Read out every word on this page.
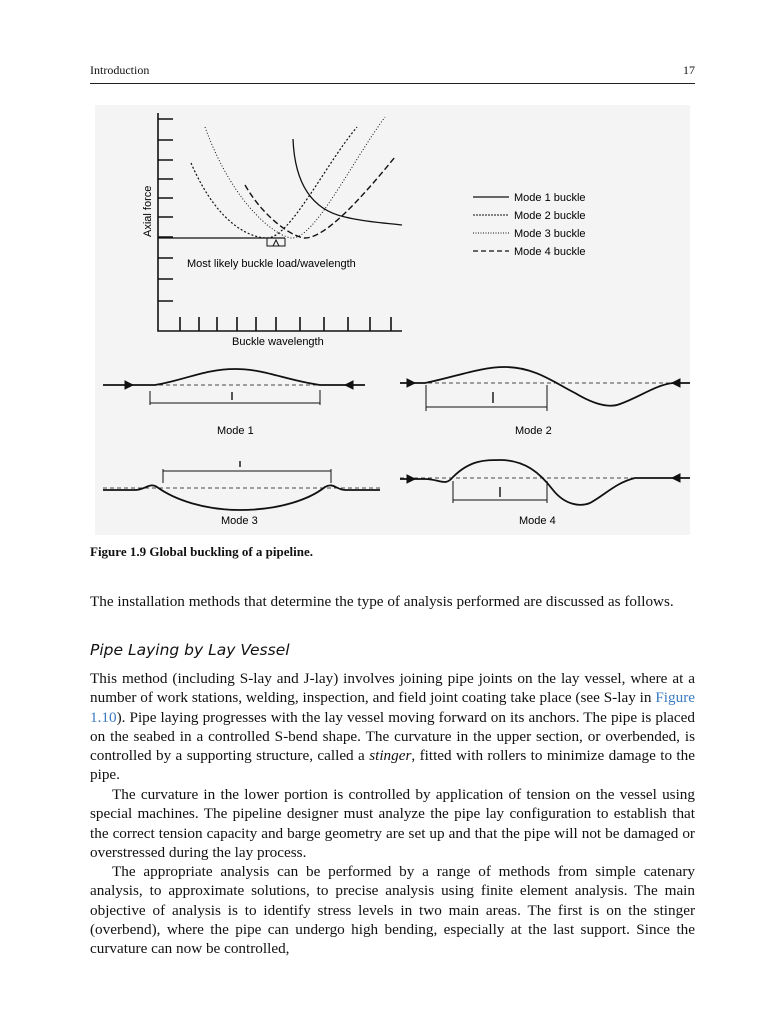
Introduction	17
Axial force
Buckle wavelength
Most likely buckle load/wavelength
Mode 1 buckle
Mode 2 buckle
Mode 3 buckle
Mode 4 buckle
Mode 1	Mode 2
Mode 3	Mode 4
Figure 1.9 Global buckling of a pipeline.

The installation methods that determine the type of analysis performed are discussed as follows.

Pipe Laying by Lay Vessel

This method (including S-lay and J-lay) involves joining pipe joints on the lay vessel, where at a number of work stations, welding, inspection, and field joint coating take place (see S-lay in Figure 1.10). Pipe laying progresses with the lay vessel moving forward on its anchors. The pipe is placed on the seabed in a controlled S-bend shape. The curvature in the upper section, or overbended, is controlled by a supporting structure, called a stinger, fitted with rollers to minimize damage to the pipe.

The curvature in the lower portion is controlled by application of tension on the vessel using special machines. The pipeline designer must analyze the pipe lay configuration to establish that the correct tension capacity and barge geometry are set up and that the pipe will not be damaged or overstressed during the lay process.

The appropriate analysis can be performed by a range of methods from simple catenary analysis, to approximate solutions, to precise analysis using finite element analysis. The main objective of analysis is to identify stress levels in two main areas. The first is on the stinger (overbend), where the pipe can undergo high bending, especially at the last support. Since the curvature can now be controlled,
